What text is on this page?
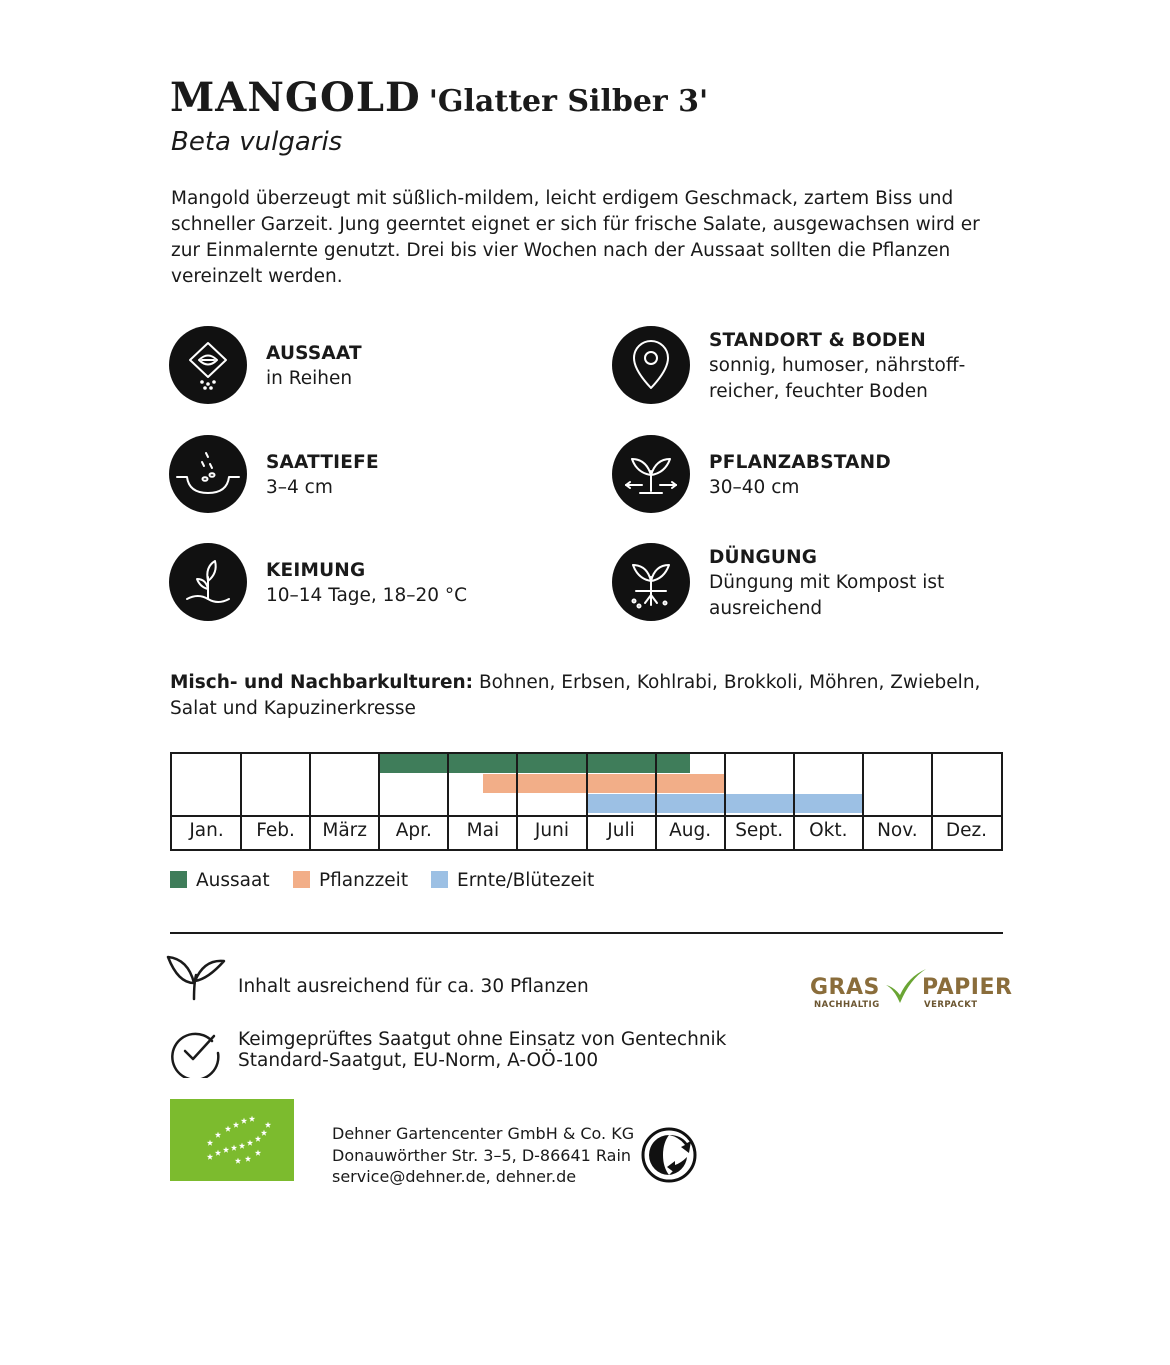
MANGOLD 'Glatter Silber 3'
Beta vulgaris
Mangold überzeugt mit süßlich-mildem, leicht erdigem Geschmack, zartem Biss und schneller Garzeit. Jung geerntet eignet er sich für frische Salate, ausgewachsen wird er zur Einmalernte genutzt. Drei bis vier Wochen nach der Aussaat sollten die Pflanzen vereinzelt werden.
AUSSAAT
in Reihen
SAATTIEFE
3–4 cm
KEIMUNG
10–14 Tage, 18–20 °C
STANDORT & BODEN
sonnig, humoser, nährstoff-reicher, feuchter Boden
PFLANZABSTAND
30–40 cm
DÜNGUNG
Düngung mit Kompost ist ausreichend
Misch- und Nachbarkulturen: Bohnen, Erbsen, Kohlrabi, Brokkoli, Möhren, Zwiebeln, Salat und Kapuzinerkresse
Jan.	Feb.	März	Apr.	Mai	Juni	Juli	Aug.	Sept.	Okt.	Nov.	Dez.
Aussaat	Pflanzzeit	Ernte/Blütezeit
Inhalt ausreichend für ca. 30 Pflanzen
Keimgeprüftes Saatgut ohne Einsatz von Gentechnik
Standard-Saatgut, EU-Norm, A-OÖ-100
GRAS PAPIER
NACHHALTIG	VERPACKT
Dehner Gartencenter GmbH & Co. KG
Donauwörther Str. 3–5, D-86641 Rain
service@dehner.de, dehner.de
